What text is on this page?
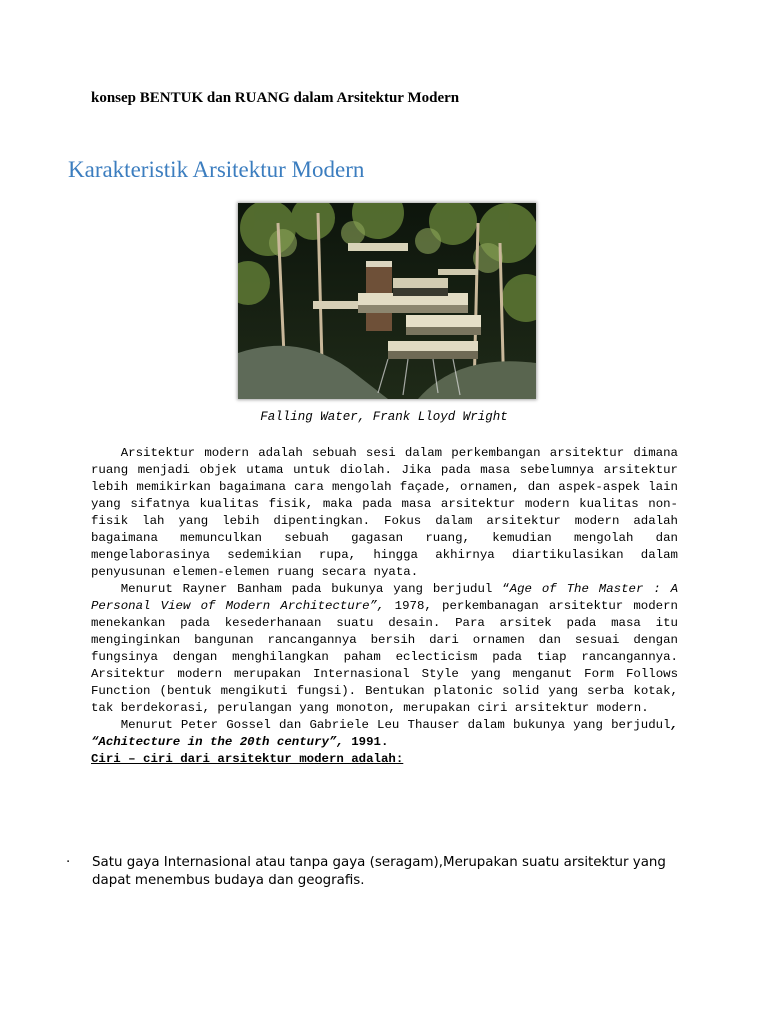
konsep BENTUK dan RUANG dalam Arsitektur Modern
Karakteristik Arsitektur Modern

Falling Water, Frank Lloyd Wright

Arsitektur modern adalah sebuah sesi dalam perkembangan arsitektur dimana ruang menjadi objek utama untuk diolah. Jika pada masa sebelumnya arsitektur lebih memikirkan bagaimana cara mengolah façade, ornamen, dan aspek-aspek lain yang sifatnya kualitas fisik, maka pada masa arsitektur modern kualitas non-fisik lah yang lebih dipentingkan. Fokus dalam arsitektur modern adalah bagaimana memunculkan sebuah gagasan ruang, kemudian mengolah dan mengelaborasinya sedemikian rupa, hingga akhirnya diartikulasikan dalam penyusunan elemen-elemen ruang secara nyata.

Menurut Rayner Banham pada bukunya yang berjudul “Age of The Master : A Personal View of Modern Architecture”, 1978, perkembanagan arsitektur modern menekankan pada kesederhanaan suatu desain. Para arsitek pada masa itu menginginkan bangunan rancangannya bersih dari ornamen dan sesuai dengan fungsinya dengan menghilangkan paham eclecticism pada tiap rancangannya. Arsitektur modern merupakan Internasional Style yang menganut Form Follows Function (bentuk mengikuti fungsi). Bentukan platonic solid yang serba kotak, tak berdekorasi, perulangan yang monoton, merupakan ciri arsitektur modern.

Menurut Peter Gossel dan Gabriele Leu Thauser dalam bukunya yang berjudul, “Achitecture in the 20th century”, 1991.

Ciri – ciri dari arsitektur modern adalah:

· Satu gaya Internasional atau tanpa gaya (seragam),Merupakan suatu arsitektur yang dapat menembus budaya dan geografis.
